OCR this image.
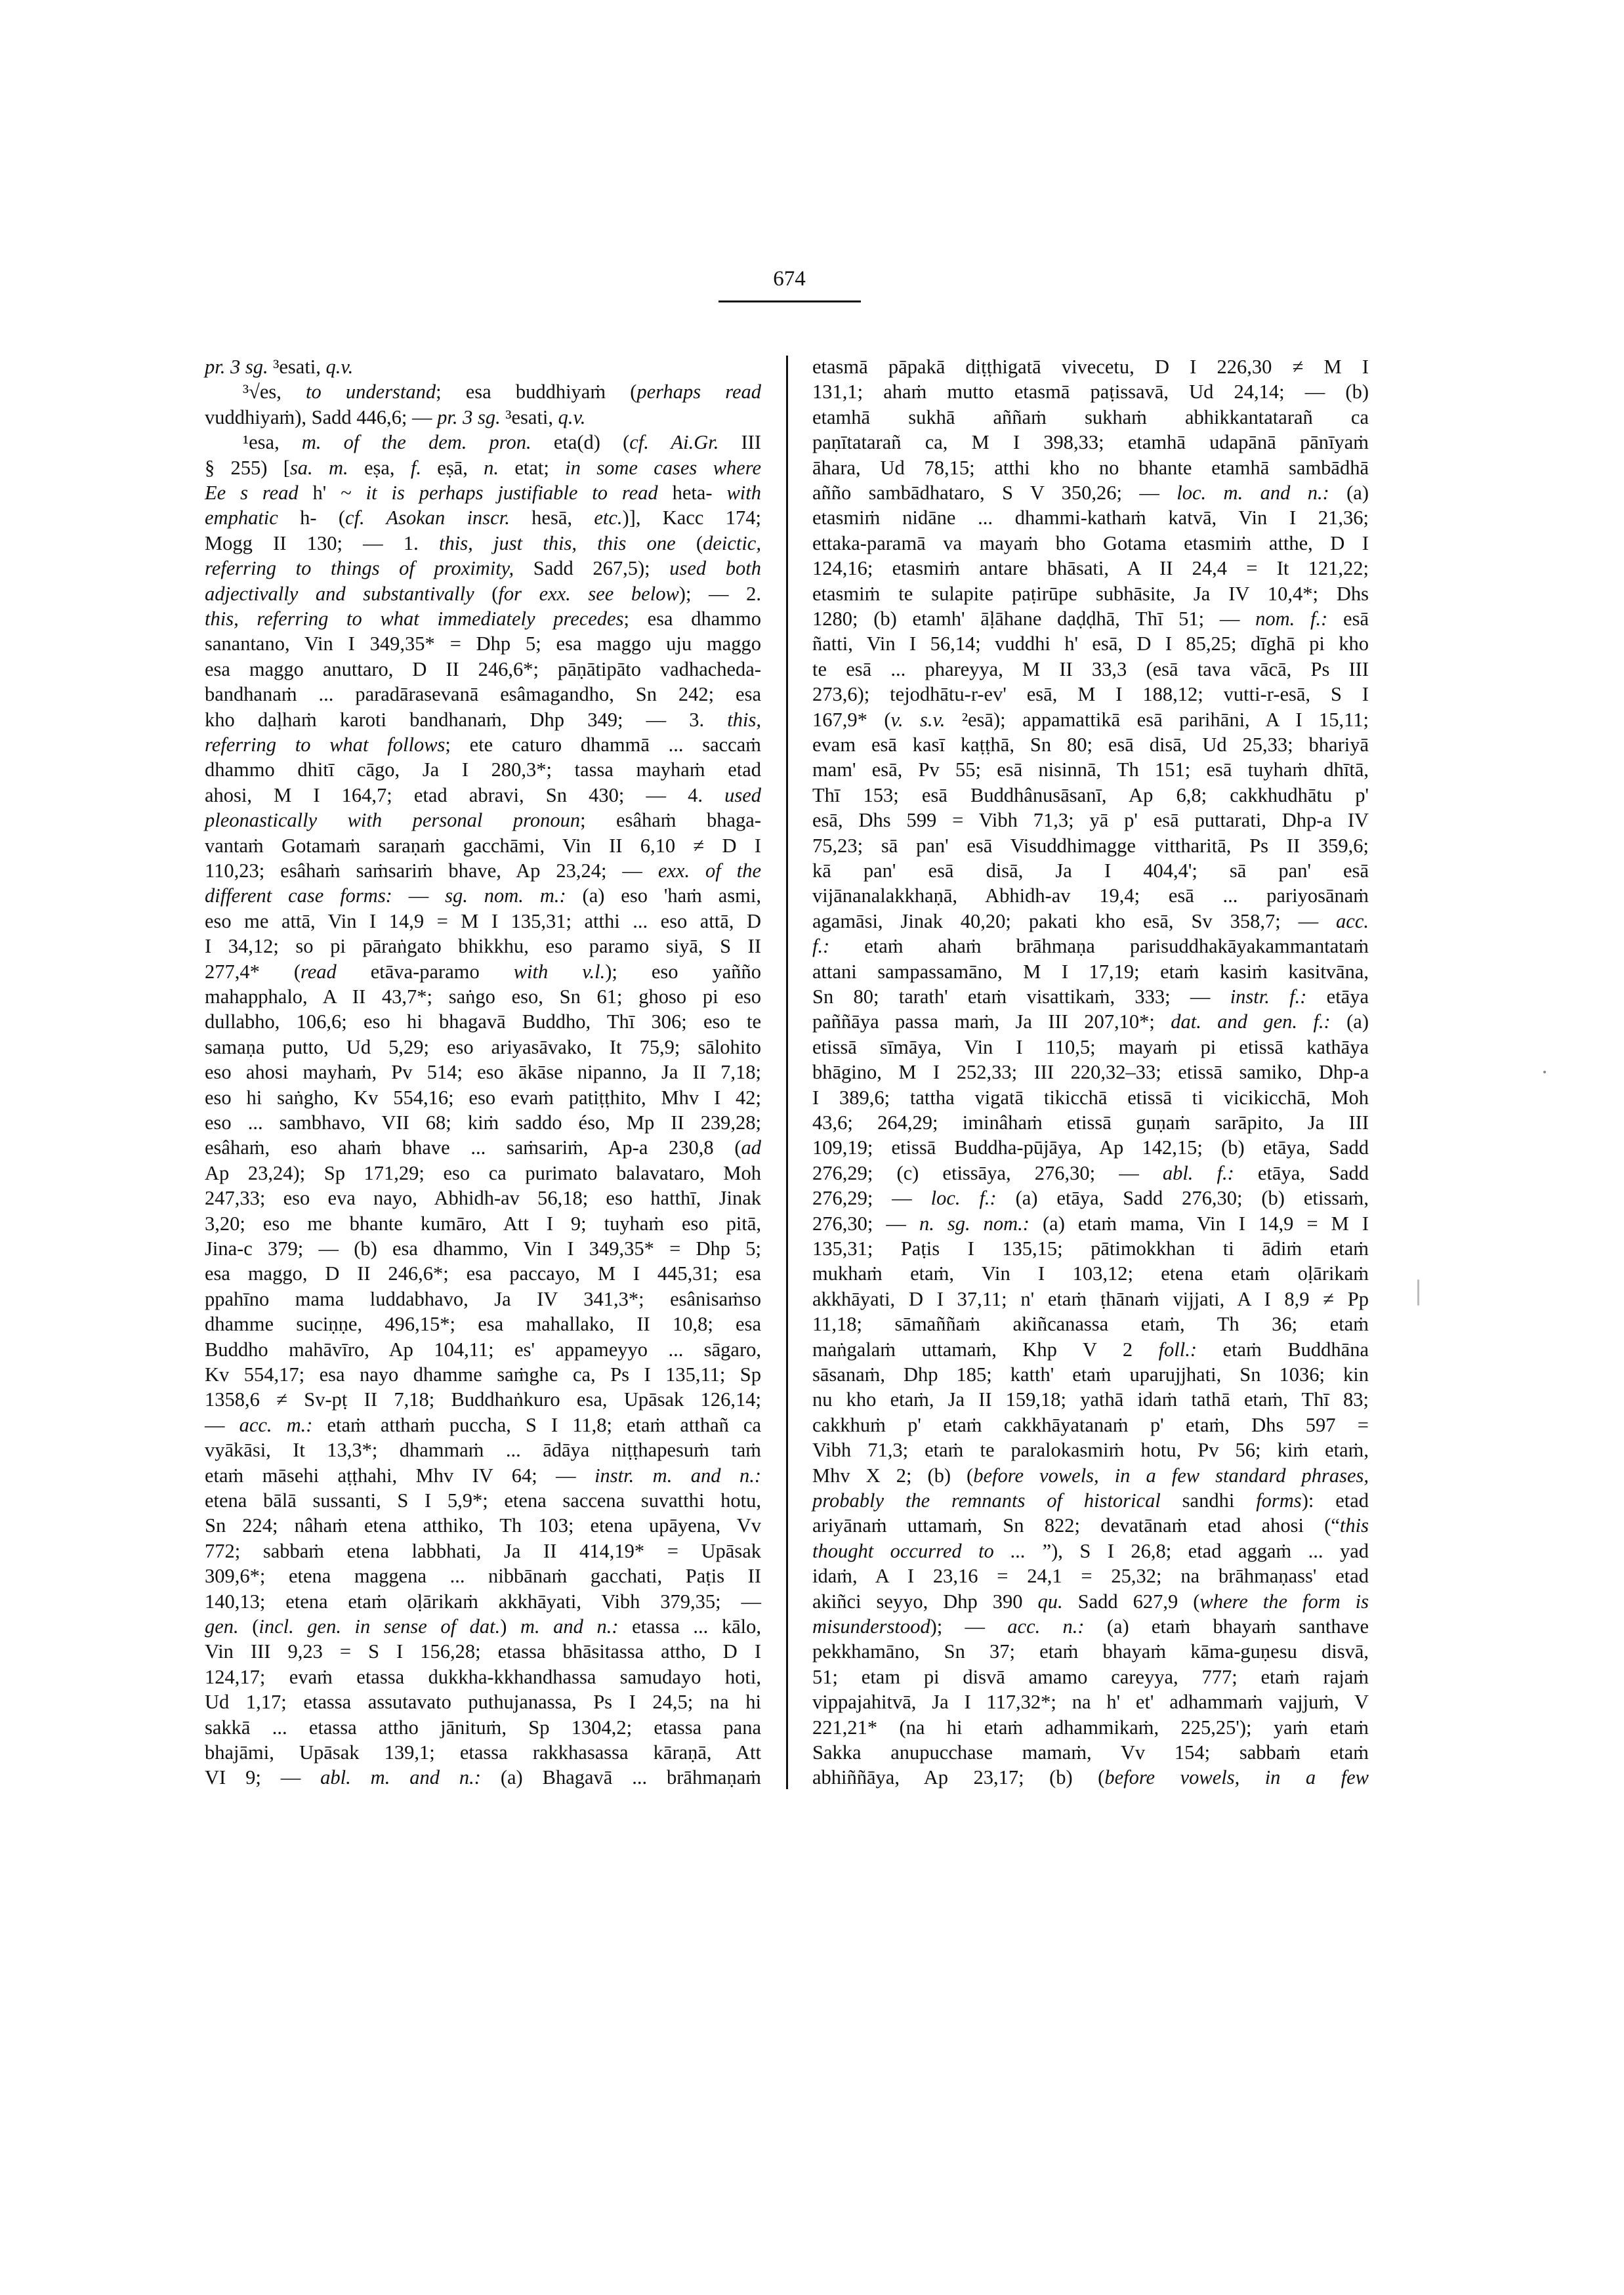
674
pr. 3 sg. ³esati, q.v.
³√es, to understand; esa buddhiyaṁ (perhaps read
vuddhiyaṁ), Sadd 446,6; — pr. 3 sg. ³esati, q.v.
¹esa, m. of the dem. pron. eta(d) (cf. Ai.Gr. III
§ 255) [sa. m. eṣa, f. eṣā, n. etat; in some cases where
Ee s read h' ~ it is perhaps justifiable to read heta- with
emphatic h- (cf. Asokan inscr. hesā, etc.)], Kacc 174;
Mogg II 130; — 1. this, just this, this one (deictic,
referring to things of proximity, Sadd 267,5); used both
adjectivally and substantivally (for exx. see below); — 2.
this, referring to what immediately precedes; esa dhammo
sanantano, Vin I 349,35* = Dhp 5; esa maggo uju maggo
esa maggo anuttaro, D II 246,6*; pāṇātipāto vadhacheda-
bandhanaṁ ... paradārasevanā esâmagandho, Sn 242; esa
kho daḷhaṁ karoti bandhanaṁ, Dhp 349; — 3. this,
referring to what follows; ete caturo dhammā ... saccaṁ
dhammo dhitī cāgo, Ja I 280,3*; tassa mayhaṁ etad
ahosi, M I 164,7; etad abravi, Sn 430; — 4. used
pleonastically with personal pronoun; esâhaṁ bhaga-
vantaṁ Gotamaṁ saraṇaṁ gacchāmi, Vin II 6,10 ≠ D I
110,23; esâhaṁ saṁsariṁ bhave, Ap 23,24; — exx. of the
different case forms: — sg. nom. m.: (a) eso 'haṁ asmi,
eso me attā, Vin I 14,9 = M I 135,31; atthi ... eso attā, D
I 34,12; so pi pāraṅgato bhikkhu, eso paramo siyā, S II
277,4* (read etāva-paramo with v.l.); eso yañño
mahapphalo, A II 43,7*; saṅgo eso, Sn 61; ghoso pi eso
dullabho, 106,6; eso hi bhagavā Buddho, Thī 306; eso te
samaṇa putto, Ud 5,29; eso ariyasāvako, It 75,9; sālohito
eso ahosi mayhaṁ, Pv 514; eso ākāse nipanno, Ja II 7,18;
eso hi saṅgho, Kv 554,16; eso evaṁ patiṭṭhito, Mhv I 42;
eso ... sambhavo, VII 68; kiṁ saddo éso, Mp II 239,28;
esâhaṁ, eso ahaṁ bhave ... saṁsariṁ, Ap-a 230,8 (ad
Ap 23,24); Sp 171,29; eso ca purimato balavataro, Moh
247,33; eso eva nayo, Abhidh-av 56,18; eso hatthī, Jinak
3,20; eso me bhante kumāro, Att I 9; tuyhaṁ eso pitā,
Jina-c 379; — (b) esa dhammo, Vin I 349,35* = Dhp 5;
esa maggo, D II 246,6*; esa paccayo, M I 445,31; esa
ppahīno mama luddabhavo, Ja IV 341,3*; esânisaṁso
dhamme suciṇṇe, 496,15*; esa mahallako, II 10,8; esa
Buddho mahāvīro, Ap 104,11; es' appameyyo ... sāgaro,
Kv 554,17; esa nayo dhamme saṁghe ca, Ps I 135,11; Sp
1358,6 ≠ Sv-pṭ II 7,18; Buddhaṅkuro esa, Upāsak 126,14;
— acc. m.: etaṁ atthaṁ puccha, S I 11,8; etaṁ atthañ ca
vyākāsi, It 13,3*; dhammaṁ ... ādāya niṭṭhapesuṁ taṁ
etaṁ māsehi aṭṭhahi, Mhv IV 64; — instr. m. and n.:
etena bālā sussanti, S I 5,9*; etena saccena suvatthi hotu,
Sn 224; nâhaṁ etena atthiko, Th 103; etena upāyena, Vv
772; sabbaṁ etena labbhati, Ja II 414,19* = Upāsak
309,6*; etena maggena ... nibbānaṁ gacchati, Paṭis II
140,13; etena etaṁ oḷārikaṁ akkhāyati, Vibh 379,35; —
gen. (incl. gen. in sense of dat.) m. and n.: etassa ... kālo,
Vin III 9,23 = S I 156,28; etassa bhāsitassa attho, D I
124,17; evaṁ etassa dukkha-kkhandhassa samudayo hoti,
Ud 1,17; etassa assutavato puthujanassa, Ps I 24,5; na hi
sakkā ... etassa attho jānituṁ, Sp 1304,2; etassa pana
bhajāmi, Upāsak 139,1; etassa rakkhasassa kāraṇā, Att
VI 9; — abl. m. and n.: (a) Bhagavā ... brāhmaṇaṁ
etasmā pāpakā diṭṭhigatā vivecetu, D I 226,30 ≠ M I
131,1; ahaṁ mutto etasmā paṭissavā, Ud 24,14; — (b)
etamhā sukhā aññaṁ sukhaṁ abhikkantatarañ ca
paṇītatarañ ca, M I 398,33; etamhā udapānā pānīyaṁ
āhara, Ud 78,15; atthi kho no bhante etamhā sambādhā
añño sambādhataro, S V 350,26; — loc. m. and n.: (a)
etasmiṁ nidāne ... dhammi-kathaṁ katvā, Vin I 21,36;
ettaka-paramā va mayaṁ bho Gotama etasmiṁ atthe, D I
124,16; etasmiṁ antare bhāsati, A II 24,4 = It 121,22;
etasmiṁ te sulapite paṭirūpe subhāsite, Ja IV 10,4*; Dhs
1280; (b) etamh' āḷāhane daḍḍhā, Thī 51; — nom. f.: esā
ñatti, Vin I 56,14; vuddhi h' esā, D I 85,25; dīghā pi kho
te esā ... phareyya, M II 33,3 (esā tava vācā, Ps III
273,6); tejodhātu-r-ev' esā, M I 188,12; vutti-r-esā, S I
167,9* (v. s.v. ²esā); appamattikā esā parihāni, A I 15,11;
evam esā kasī kaṭṭhā, Sn 80; esā disā, Ud 25,33; bhariyā
mam' esā, Pv 55; esā nisinnā, Th 151; esā tuyhaṁ dhītā,
Thī 153; esā Buddhânusāsanī, Ap 6,8; cakkhudhātu p'
esā, Dhs 599 = Vibh 71,3; yā p' esā puttarati, Dhp-a IV
75,23; sā pan' esā Visuddhimagge vittharitā, Ps II 359,6;
kā pan' esā disā, Ja I 404,4'; sā pan' esā
vijānanalakkhaṇā, Abhidh-av 19,4; esā ... pariyosānaṁ
agamāsi, Jinak 40,20; pakati kho esā, Sv 358,7; — acc.
f.: etaṁ ahaṁ brāhmaṇa parisuddhakāyakammantataṁ
attani sampassamāno, M I 17,19; etaṁ kasiṁ kasitvāna,
Sn 80; tarath' etaṁ visattikaṁ, 333; — instr. f.: etāya
paññāya passa maṁ, Ja III 207,10*; dat. and gen. f.: (a)
etissā sīmāya, Vin I 110,5; mayaṁ pi etissā kathāya
bhāgino, M I 252,33; III 220,32–33; etissā samiko, Dhp-a
I 389,6; tattha vigatā tikicchā etissā ti vicikicchā, Moh
43,6; 264,29; iminâhaṁ etissā guṇaṁ sarāpito, Ja III
109,19; etissā Buddha-pūjāya, Ap 142,15; (b) etāya, Sadd
276,29; (c) etissāya, 276,30; — abl. f.: etāya, Sadd
276,29; — loc. f.: (a) etāya, Sadd 276,30; (b) etissaṁ,
276,30; — n. sg. nom.: (a) etaṁ mama, Vin I 14,9 = M I
135,31; Paṭis I 135,15; pātimokkhan ti ādiṁ etaṁ
mukhaṁ etaṁ, Vin I 103,12; etena etaṁ oḷārikaṁ
akkhāyati, D I 37,11; n' etaṁ ṭhānaṁ vijjati, A I 8,9 ≠ Pp
11,18; sāmaññaṁ akiñcanassa etaṁ, Th 36; etaṁ
maṅgalaṁ uttamaṁ, Khp V 2 foll.: etaṁ Buddhāna
sāsanaṁ, Dhp 185; katth' etaṁ uparujjhati, Sn 1036; kin
nu kho etaṁ, Ja II 159,18; yathā idaṁ tathā etaṁ, Thī 83;
cakkhuṁ p' etaṁ cakkhāyatanaṁ p' etaṁ, Dhs 597 =
Vibh 71,3; etaṁ te paralokasmiṁ hotu, Pv 56; kiṁ etaṁ,
Mhv X 2; (b) (before vowels, in a few standard phrases,
probably the remnants of historical sandhi forms): etad
ariyānaṁ uttamaṁ, Sn 822; devatānaṁ etad ahosi (“this
thought occurred to ... ”), S I 26,8; etad aggaṁ ... yad
idaṁ, A I 23,16 = 24,1 = 25,32; na brāhmaṇass' etad
akiñci seyyo, Dhp 390 qu. Sadd 627,9 (where the form is
misunderstood); — acc. n.: (a) etaṁ bhayaṁ santhave
pekkhamāno, Sn 37; etaṁ bhayaṁ kāma-guṇesu disvā,
51; etam pi disvā amamo careyya, 777; etaṁ rajaṁ
vippajahitvā, Ja I 117,32*; na h' et' adhammaṁ vajjuṁ, V
221,21* (na hi etaṁ adhammikaṁ, 225,25'); yaṁ etaṁ
Sakka anupucchase mamaṁ, Vv 154; sabbaṁ etaṁ
abhiññāya, Ap 23,17; (b) (before vowels, in a few
